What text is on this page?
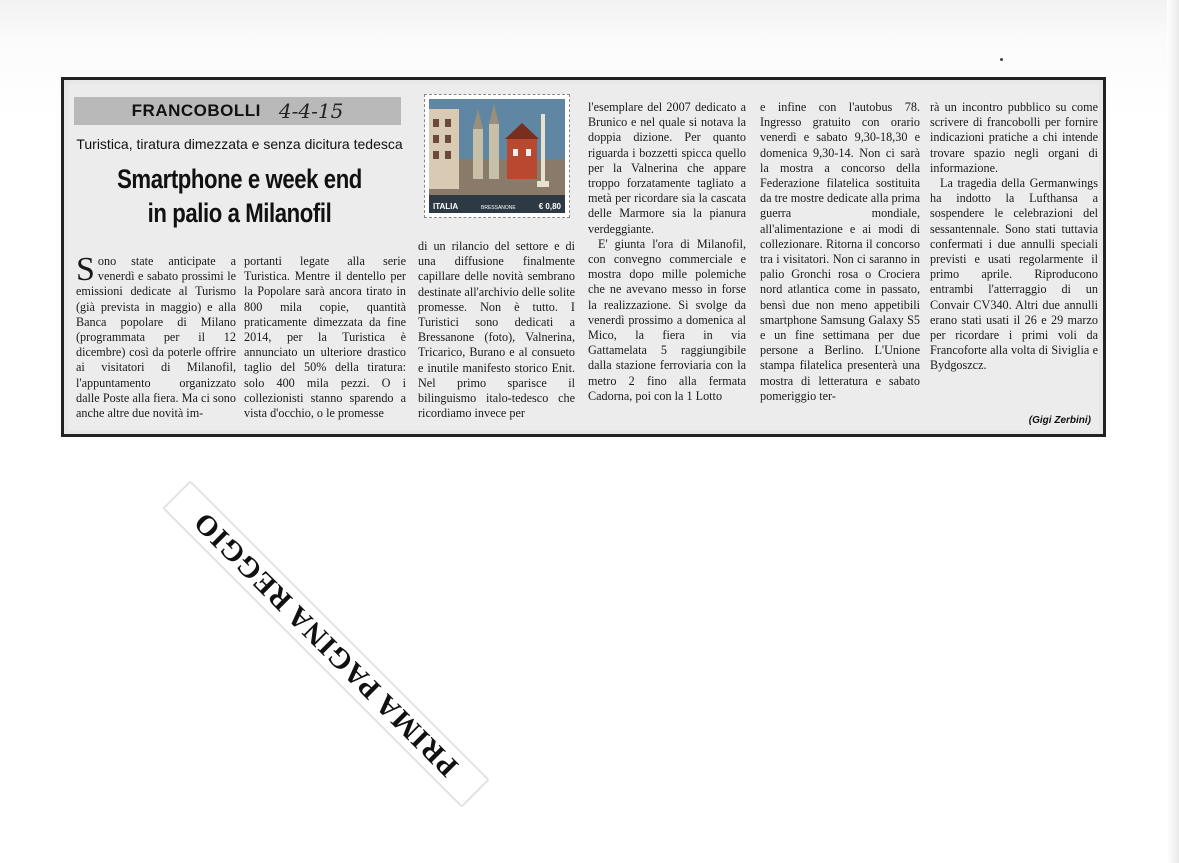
FRANCOBOLLI 4-4-15
Turistica, tiratura dimezzata e senza dicitura tedesca
Smartphone e week end
in palio a Milanofil

Sono state anticipate a venerdì e sabato prossimi le emissioni dedicate al Turismo (già prevista in maggio) e alla Banca popolare di Milano (programmata per il 12 dicembre) così da poterle offrire ai visitatori di Milanofil, l'appuntamento organizzato dalle Poste alla fiera. Ma ci sono anche altre due novità im-

portanti legate alla serie Turistica. Mentre il dentello per la Popolare sarà ancora tirato in 800 mila copie, quantità praticamente dimezzata da fine 2014, per la Turistica è annunciato un ulteriore drastico taglio del 50% della tiratura: solo 400 mila pezzi. O i collezionisti stanno sparendo a vista d'occhio, o le promesse

ITALIA	BRESSANONE	€ 0,80

di un rilancio del settore e di una diffusione finalmente capillare delle novità sembrano destinate all'archivio delle solite promesse. Non è tutto. I Turistici sono dedicati a Bressanone (foto), Valnerina, Tricarico, Burano e al consueto e inutile manifesto storico Enit. Nel primo sparisce il bilinguismo italo-tedesco che ricordiamo invece per

l'esemplare del 2007 dedicato a Brunico e nel quale si notava la doppia dizione. Per quanto riguarda i bozzetti spicca quello per la Valnerina che appare troppo forzatamente tagliato a metà per ricordare sia la cascata delle Marmore sia la pianura verdeggiante.

E' giunta l'ora di Milanofil, con convegno commerciale e mostra dopo mille polemiche che ne avevano messo in forse la realizzazione. Si svolge da venerdì prossimo a domenica al Mico, la fiera in via Gattamelata 5 raggiungibile dalla stazione ferroviaria con la metro 2 fino alla fermata Cadorna, poi con la 1 Lotto

e infine con l'autobus 78. Ingresso gratuito con orario venerdì e sabato 9,30-18,30 e domenica 9,30-14. Non ci sarà la mostra a concorso della Federazione filatelica sostituita da tre mostre dedicate alla prima guerra mondiale, all'alimentazione e ai modi di collezionare. Ritorna il concorso tra i visitatori. Non ci saranno in palio Gronchi rosa o Crociera nord atlantica come in passato, bensì due non meno appetibili smartphone Samsung Galaxy S5 e un fine settimana per due persone a Berlino. L'Unione stampa filatelica presenterà una mostra di letteratura e sabato pomeriggio ter-

rà un incontro pubblico su come scrivere di francobolli per fornire indicazioni pratiche a chi intende trovare spazio negli organi di informazione.

La tragedia della Germanwings ha indotto la Lufthansa a sospendere le celebrazioni del sessantennale. Sono stati tuttavia confermati i due annulli speciali previsti e usati regolarmente il primo aprile. Riproducono entrambi l'atterraggio di un Convair CV340. Altri due annulli erano stati usati il 26 e 29 marzo per ricordare i primi voli da Francoforte alla volta di Siviglia e Bydgoszcz.

(Gigi Zerbini)
PRIMA PAGINA REGGIO
